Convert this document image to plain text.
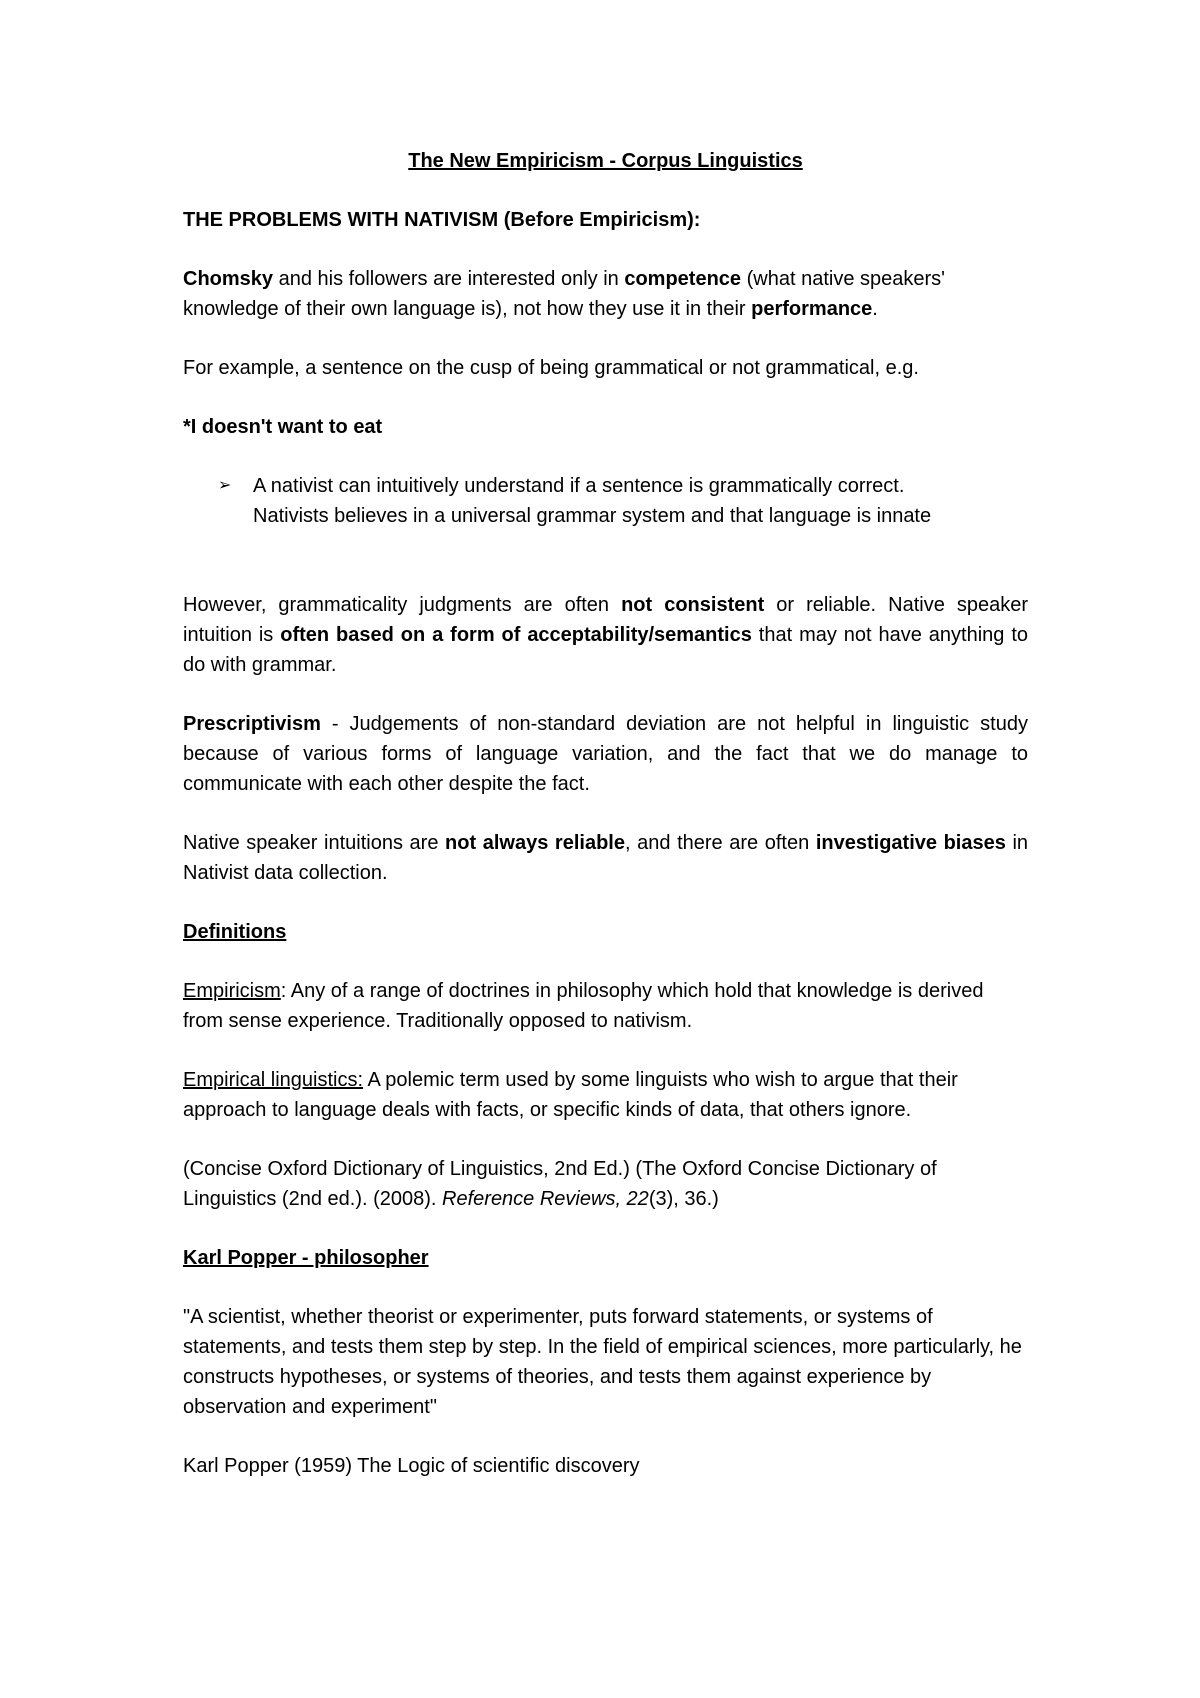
The New Empiricism - Corpus Linguistics

THE PROBLEMS WITH NATIVISM (Before Empiricism):

Chomsky and his followers are interested only in competence (what native speakers' knowledge of their own language is), not how they use it in their performance.

For example, a sentence on the cusp of being grammatical or not grammatical, e.g.

*I doesn't want to eat

➢ A nativist can intuitively understand if a sentence is grammatically correct.

Nativists believes in a universal grammar system and that language is innate

However, grammaticality judgments are often not consistent or reliable. Native speaker intuition is often based on a form of acceptability/semantics that may not have anything to do with grammar.

Prescriptivism - Judgements of non-standard deviation are not helpful in linguistic study because of various forms of language variation, and the fact that we do manage to communicate with each other despite the fact.

Native speaker intuitions are not always reliable, and there are often investigative biases in Nativist data collection.

Definitions

Empiricism: Any of a range of doctrines in philosophy which hold that knowledge is derived from sense experience. Traditionally opposed to nativism.

Empirical linguistics: A polemic term used by some linguists who wish to argue that their approach to language deals with facts, or specific kinds of data, that others ignore.

(Concise Oxford Dictionary of Linguistics, 2nd Ed.) (The Oxford Concise Dictionary of Linguistics (2nd ed.). (2008). Reference Reviews, 22(3), 36.)

Karl Popper - philosopher

"A scientist, whether theorist or experimenter, puts forward statements, or systems of statements, and tests them step by step. In the field of empirical sciences, more particularly, he constructs hypotheses, or systems of theories, and tests them against experience by observation and experiment"

Karl Popper (1959) The Logic of scientific discovery
